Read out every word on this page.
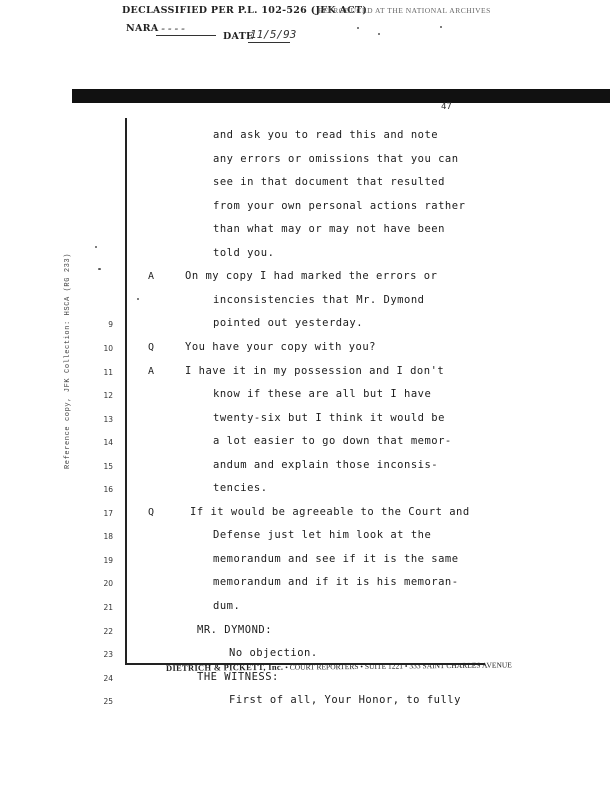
DECLASSIFIED PER P.L. 102-526 (JFK ACT)
NARA ----
DATE
11/5/93
REPRODUCED AT THE NATIONAL ARCHIVES
47
Reference copy, JFK Collection: HSCA (RG 233)
and ask you to read this and note
any errors or omissions that you can
see in that document that resulted
from your own personal actions rather
than what may or may not have been
told you.
A	On my copy I had marked the errors or
inconsistencies that Mr. Dymond
9	pointed out yesterday.
10	Q	You have your copy with you?
11	A	I have it in my possession and I don't
12	know if these are all but I have
13	twenty-six but I think it would be
14	a lot easier to go down that memor-
15	andum and explain those inconsis-
16	tencies.
17	Q	If it would be agreeable to the Court and
18	Defense just let him look at the
19	memorandum and see if it is the same
20	memorandum and if it is his memoran-
21	dum.
22	MR. DYMOND:
23	No objection.
24	THE WITNESS:
25	First of all, Your Honor, to fully
DIETRICH & PICKETT, Inc. • COURT REPORTERS • SUITE 1221 • 333 SAINT CHARLES AVENUE
